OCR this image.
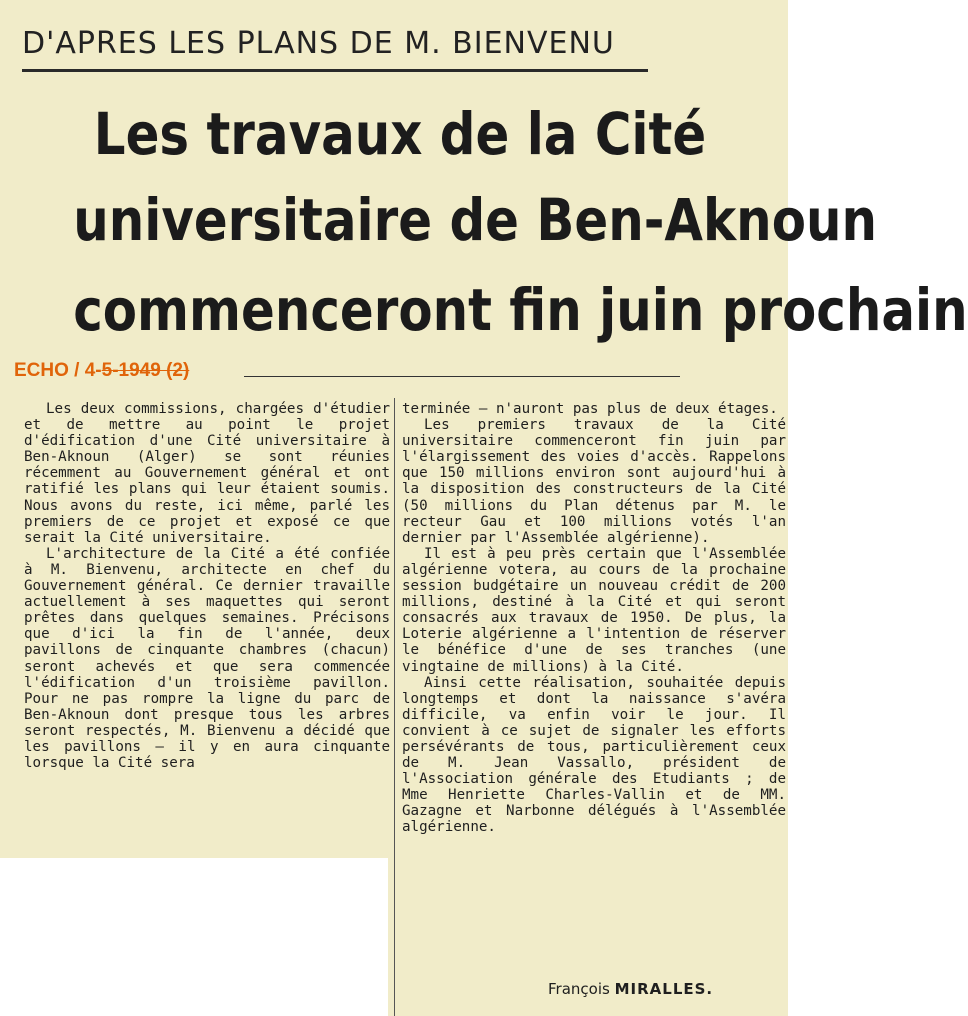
D'APRES LES PLANS DE M. BIENVENU
Les travaux de la Cité
universitaire de Ben-Aknoun
commenceront fin juin prochain
ECHO / 4-5-1949 (2)

Les deux commissions, chargées d'étudier et de mettre au point le projet d'édification d'une Cité universitaire à Ben-Aknoun (Alger) se sont réunies récemment au Gouvernement général et ont ratifié les plans qui leur étaient soumis. Nous avons du reste, ici même, parlé les premiers de ce projet et exposé ce que serait la Cité universitaire.

L'architecture de la Cité a été confiée à M. Bienvenu, architecte en chef du Gouvernement général. Ce dernier travaille actuellement à ses maquettes qui seront prêtes dans quelques semaines. Précisons que d'ici la fin de l'année, deux pavillons de cinquante chambres (chacun) seront achevés et que sera commencée l'édification d'un troisième pavillon. Pour ne pas rompre la ligne du parc de Ben-Aknoun dont presque tous les arbres seront respectés, M. Bienvenu a décidé que les pavillons — il y en aura cinquante lorsque la Cité sera

terminée — n'auront pas plus de deux étages.

Les premiers travaux de la Cité universitaire commenceront fin juin par l'élargissement des voies d'accès. Rappelons que 150 millions environ sont aujourd'hui à la disposition des constructeurs de la Cité (50 millions du Plan détenus par M. le recteur Gau et 100 millions votés l'an dernier par l'Assemblée algérienne).

Il est à peu près certain que l'Assemblée algérienne votera, au cours de la prochaine session budgétaire un nouveau crédit de 200 millions, destiné à la Cité et qui seront consacrés aux travaux de 1950. De plus, la Loterie algérienne a l'intention de réserver le bénéfice d'une de ses tranches (une vingtaine de millions) à la Cité.

Ainsi cette réalisation, souhaitée depuis longtemps et dont la naissance s'avéra difficile, va enfin voir le jour. Il convient à ce sujet de signaler les efforts persévérants de tous, particulièrement ceux de M. Jean Vassallo, président de l'Association générale des Etudiants ; de Mme Henriette Charles-Vallin et de MM. Gazagne et Narbonne délégués à l'Assemblée algérienne.

François MIRALLES.
